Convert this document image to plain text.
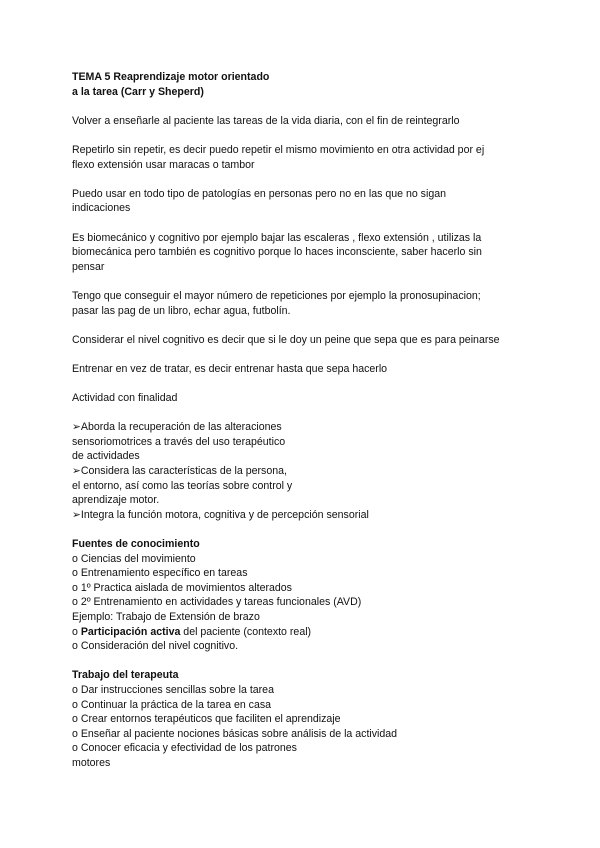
TEMA 5 Reaprendizaje motor orientado
a la tarea (Carr y Sheperd)
Volver a enseñarle al paciente las tareas de la vida diaria, con el fin de reintegrarlo
Repetirlo sin repetir, es decir puedo repetir el mismo movimiento en otra actividad por ej
flexo extensión usar maracas o tambor
Puedo usar en todo tipo de patologías en personas pero no en las que no sigan
indicaciones
Es biomecánico y cognitivo por ejemplo bajar las escaleras , flexo extensión , utilizas la
biomecánica pero también es cognitivo porque lo haces inconsciente, saber hacerlo sin
pensar
Tengo que conseguir el mayor número de repeticiones por ejemplo la pronosupinacion;
pasar las pag de un libro, echar agua, futbolín.
Considerar el nivel cognitivo es decir que si le doy un peine que sepa que es para peinarse
Entrenar en vez de tratar, es decir entrenar hasta que sepa hacerlo
Actividad con finalidad
➢Aborda la recuperación de las alteraciones
sensoriomotrices a través del uso terapéutico
de actividades
➢Considera las características de la persona,
el entorno, así como las teorías sobre control y
aprendizaje motor.
➢Integra la función motora, cognitiva y de percepción sensorial
Fuentes de conocimiento
o Ciencias del movimiento
o Entrenamiento específico en tareas
o 1º Practica aislada de movimientos alterados
o 2º Entrenamiento en actividades y tareas funcionales (AVD)
Ejemplo: Trabajo de Extensión de brazo
o Participación activa del paciente (contexto real)
o Consideración del nivel cognitivo.
Trabajo del terapeuta
o Dar instrucciones sencillas sobre la tarea
o Continuar la práctica de la tarea en casa
o Crear entornos terapéuticos que faciliten el aprendizaje
o Enseñar al paciente nociones básicas sobre análisis de la actividad
o Conocer eficacia y efectividad de los patrones
motores
